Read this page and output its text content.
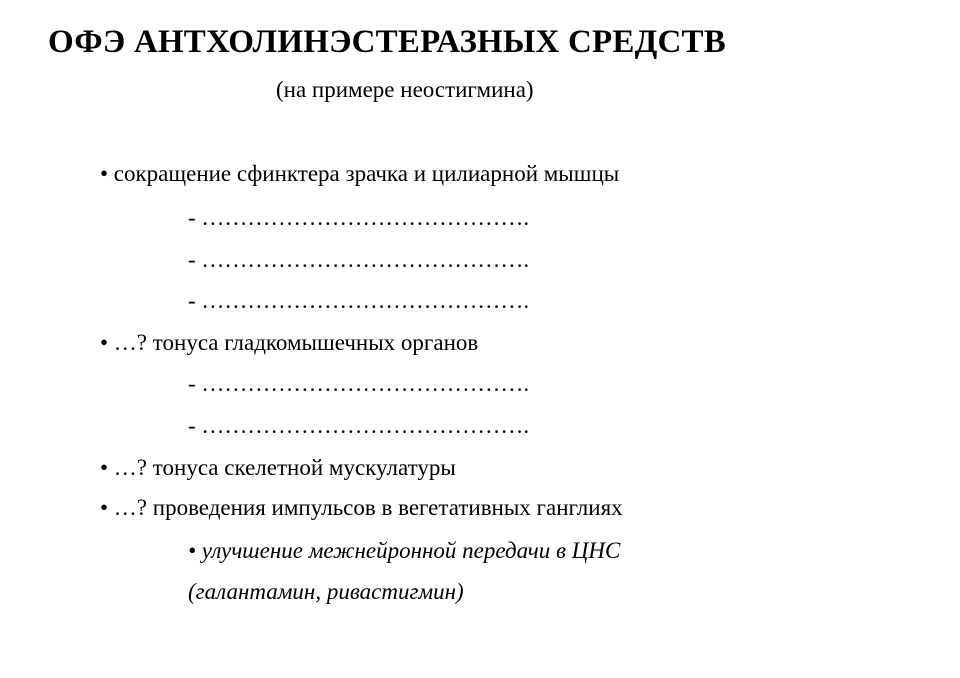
ОФЭ АНТХОЛИНЭСТЕРАЗНЫХ СРЕДСТВ
(на примере неостигмина)
• сокращение сфинктера зрачка и цилиарной мышцы
- …………………………………….
- …………………………………….
- …………………………………….
• …? тонуса гладкомышечных органов
- …………………………………….
- …………………………………….
• …? тонуса скелетной мускулатуры
• …? проведения импульсов в вегетативных ганглиях
• улучшение межнейронной передачи в ЦНС
(галантамин, ривастигмин)
